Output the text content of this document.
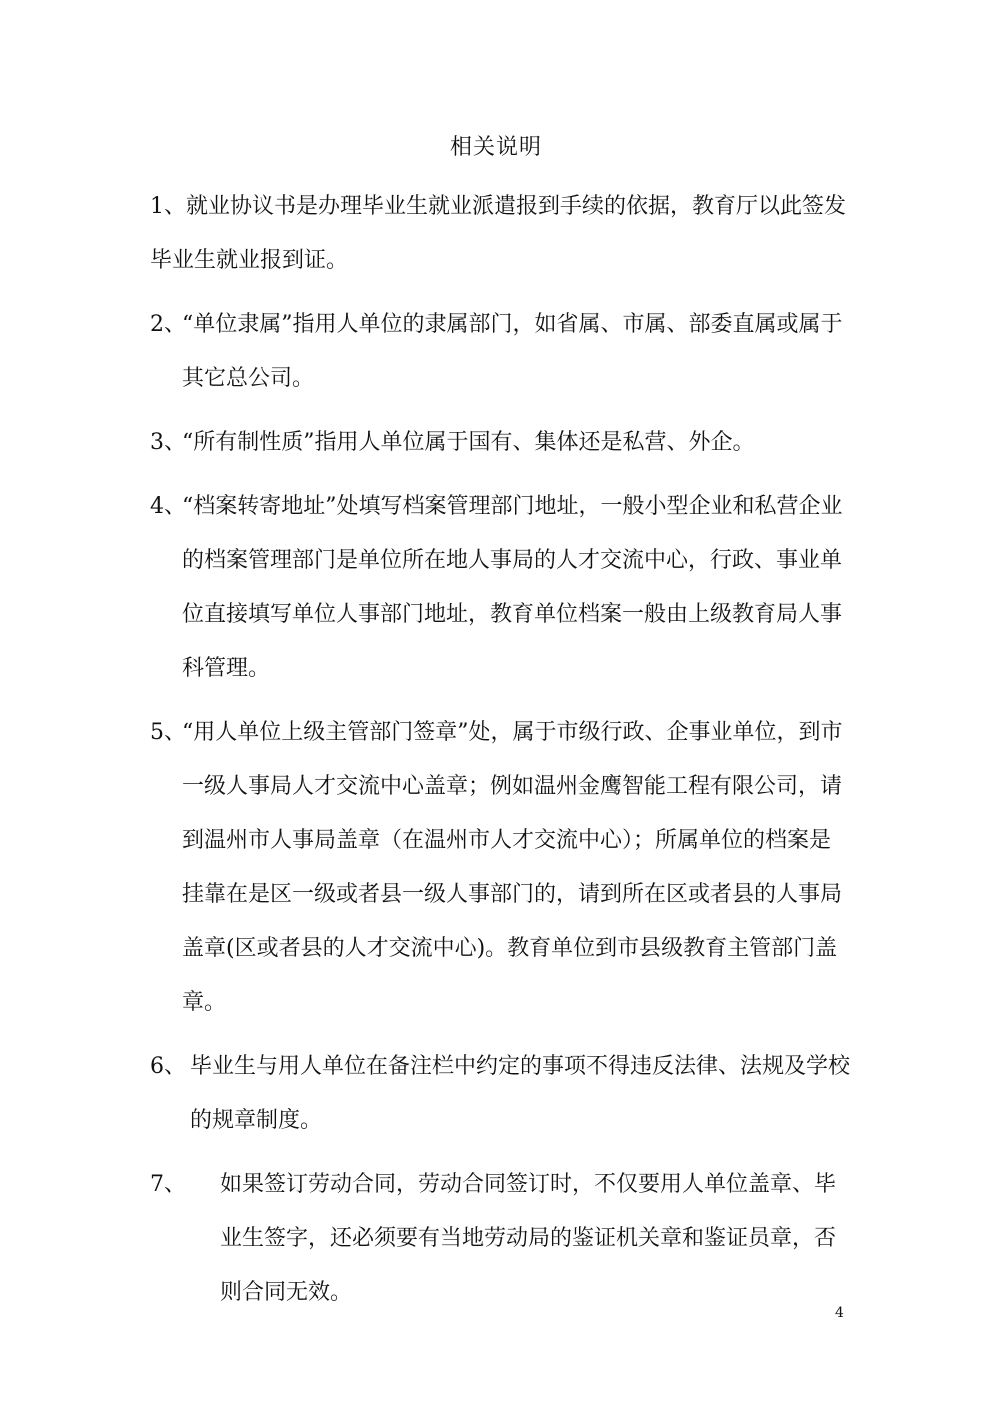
相关说明
1、就业协议书是办理毕业生就业派遣报到手续的依据，教育厅以此签发毕业生就业报到证。
2、
“单位隶属”指用人单位的隶属部门，如省属、市属、部委直属或属于其它总公司。
3、
“所有制性质”指用人单位属于国有、集体还是私营、外企。
4、
“档案转寄地址”处填写档案管理部门地址，一般小型企业和私营企业的档案管理部门是单位所在地人事局的人才交流中心，行政、事业单位直接填写单位人事部门地址，教育单位档案一般由上级教育局人事科管理。
5、
“用人单位上级主管部门签章”处，属于市级行政、企事业单位，到市一级人事局人才交流中心盖章；例如温州金鹰智能工程有限公司，请到温州市人事局盖章（在温州市人才交流中心）；所属单位的档案是挂靠在是区一级或者县一级人事部门的，请到所在区或者县的人事局盖章(区或者县的人才交流中心)。教育单位到市县级教育主管部门盖章。
6、 毕业生与用人单位在备注栏中约定的事项不得违反法律、法规及学校的规章制度。
7、	如果签订劳动合同，劳动合同签订时，不仅要用人单位盖章、毕业生签字，还必须要有当地劳动局的鉴证机关章和鉴证员章，否则合同无效。
4
